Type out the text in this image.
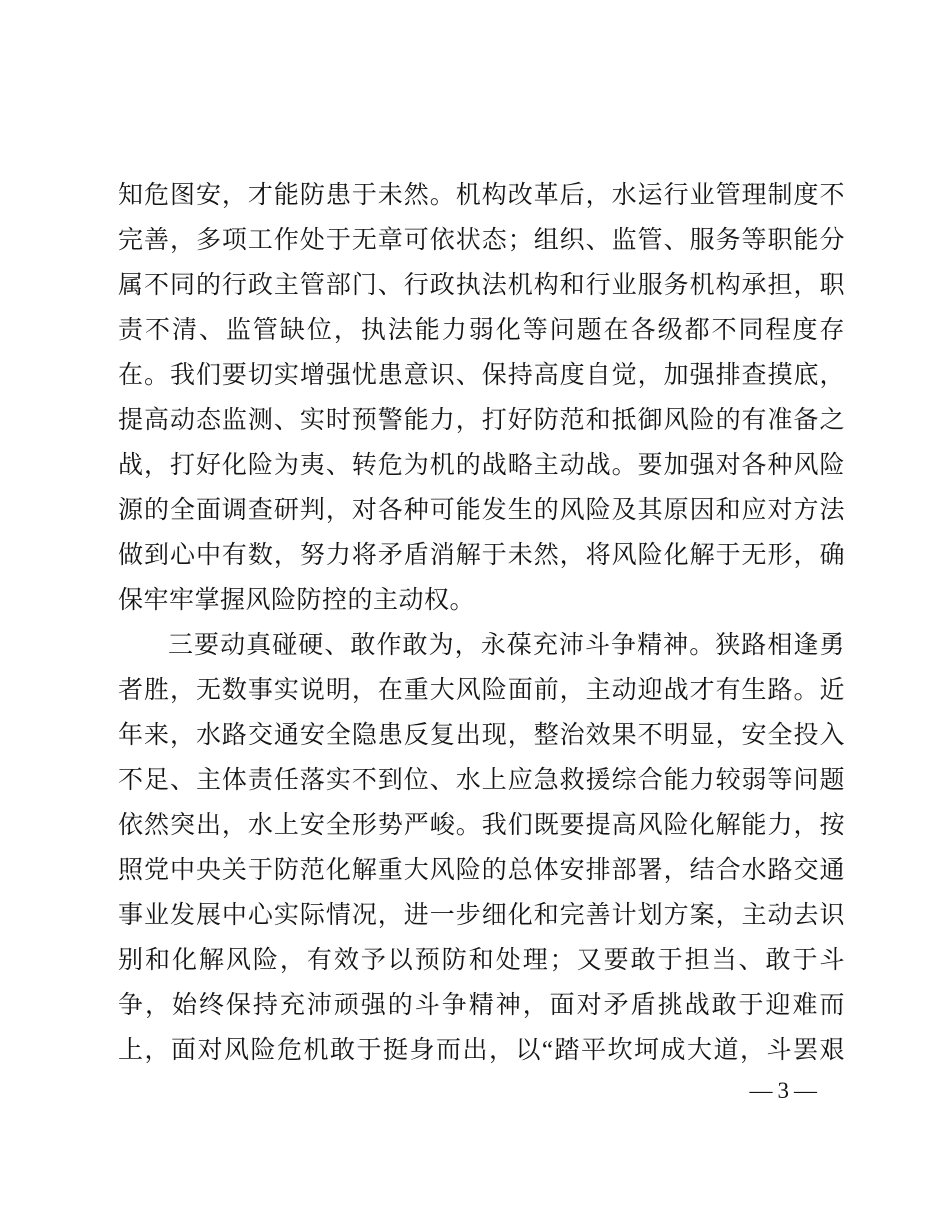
知危图安，才能防患于未然。机构改革后，水运行业管理制度不
完善，多项工作处于无章可依状态；组织、监管、服务等职能分
属不同的行政主管部门、行政执法机构和行业服务机构承担，职
责不清、监管缺位，执法能力弱化等问题在各级都不同程度存
在。我们要切实增强忧患意识、保持高度自觉，加强排查摸底，
提高动态监测、实时预警能力，打好防范和抵御风险的有准备之
战，打好化险为夷、转危为机的战略主动战。要加强对各种风险
源的全面调查研判，对各种可能发生的风险及其原因和应对方法
做到心中有数，努力将矛盾消解于未然，将风险化解于无形，确
保牢牢掌握风险防控的主动权。
三要动真碰硬、敢作敢为，永葆充沛斗争精神。狭路相逢勇
者胜，无数事实说明，在重大风险面前，主动迎战才有生路。近
年来，水路交通安全隐患反复出现，整治效果不明显，安全投入
不足、主体责任落实不到位、水上应急救援综合能力较弱等问题
依然突出，水上安全形势严峻。我们既要提高风险化解能力，按
照党中央关于防范化解重大风险的总体安排部署，结合水路交通
事业发展中心实际情况，进一步细化和完善计划方案，主动去识
别和化解风险，有效予以预防和处理；又要敢于担当、敢于斗
争，始终保持充沛顽强的斗争精神，面对矛盾挑战敢于迎难而
上，面对风险危机敢于挺身而出，以“踏平坎坷成大道，斗罢艰
—3—
